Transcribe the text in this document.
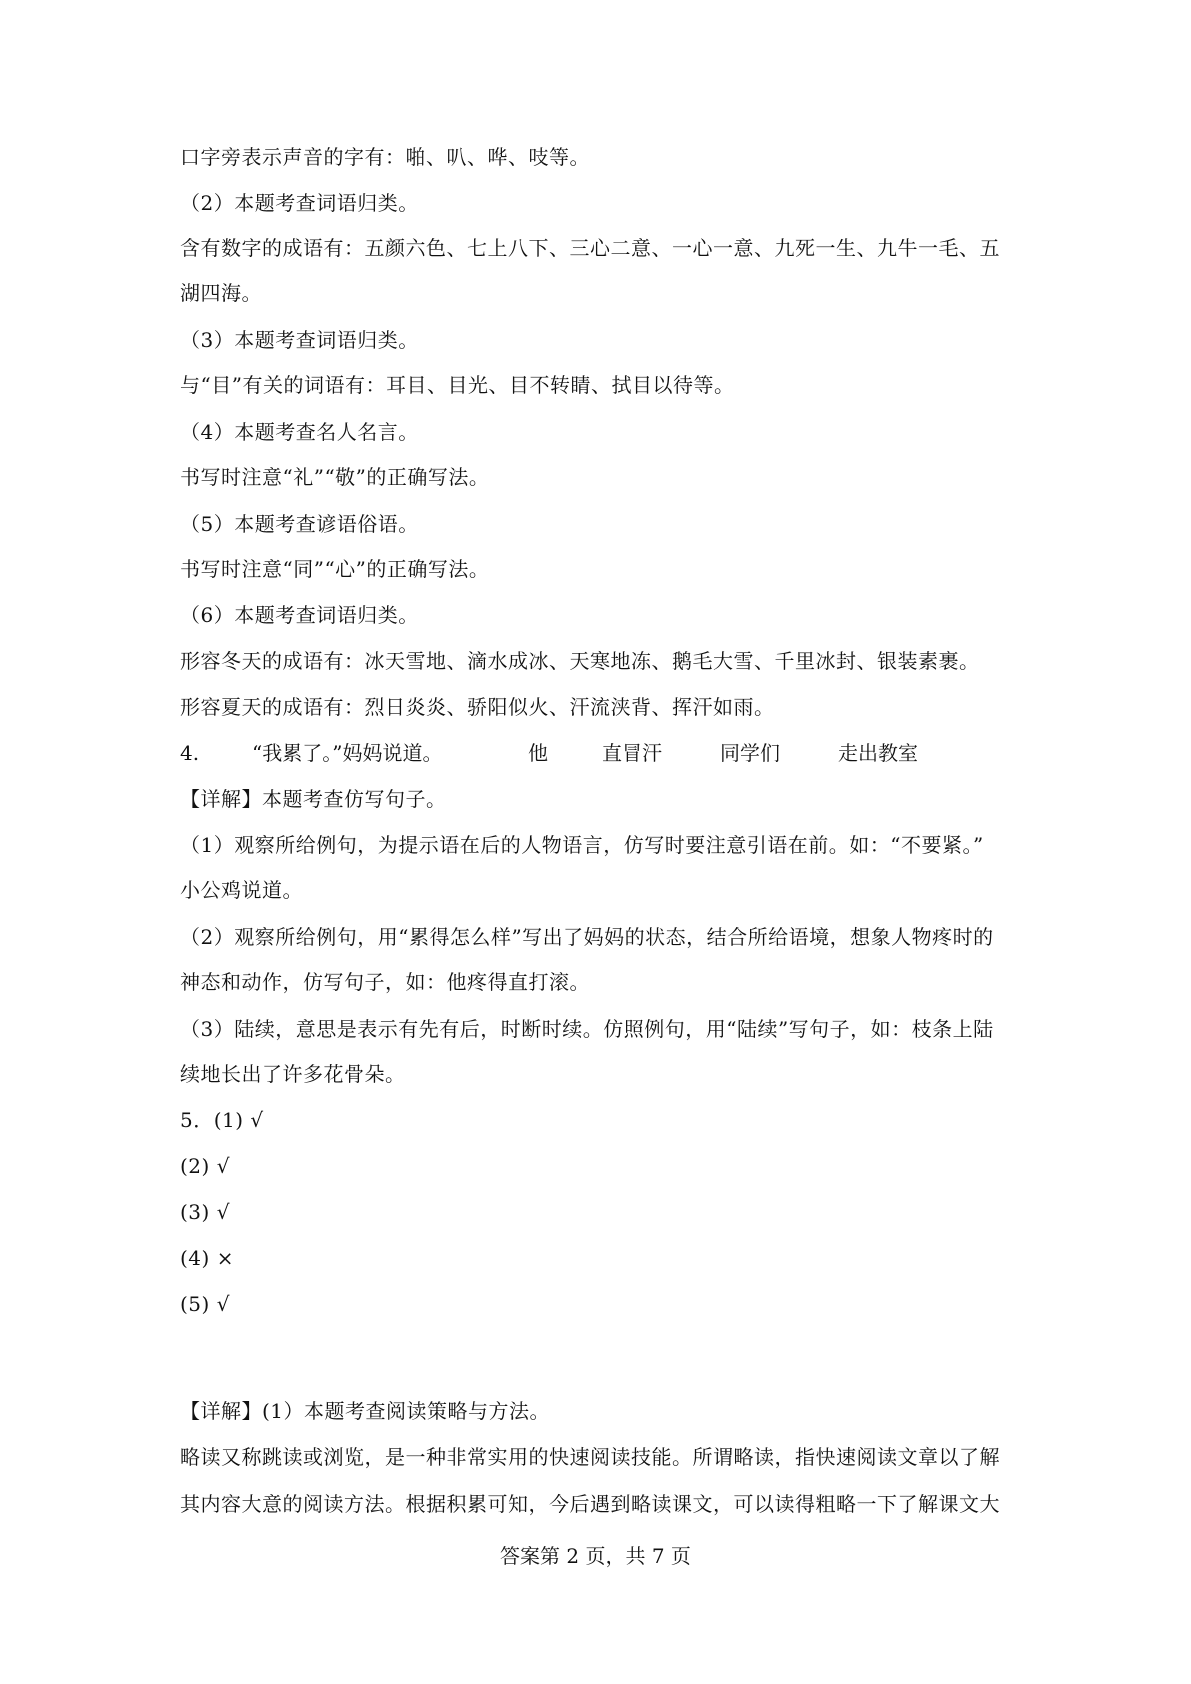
口字旁表示声音的字有：啪、叭、哗、吱等。
（2）本题考查词语归类。
含有数字的成语有：五颜六色、七上八下、三心二意、一心一意、九死一生、九牛一毛、五
湖四海。
（3）本题考查词语归类。
与“目”有关的词语有：耳目、目光、目不转睛、拭目以待等。
（4）本题考查名人名言。
书写时注意“礼”“敬”的正确写法。
（5）本题考查谚语俗语。
书写时注意“同”“心”的正确写法。
（6）本题考查词语归类。
形容冬天的成语有：冰天雪地、滴水成冰、天寒地冻、鹅毛大雪、千里冰封、银装素裹。
形容夏天的成语有：烈日炎炎、骄阳似火、汗流浃背、挥汗如雨。
4.	“我累了。”妈妈说道。	他	直冒汗	同学们	走出教室
【详解】本题考查仿写句子。
（1）观察所给例句，为提示语在后的人物语言，仿写时要注意引语在前。如：“不要紧。”
小公鸡说道。
（2）观察所给例句，用“累得怎么样”写出了妈妈的状态，结合所给语境，想象人物疼时的
神态和动作，仿写句子，如：他疼得直打滚。
（3）陆续，意思是表示有先有后，时断时续。仿照例句，用“陆续”写句子，如：枝条上陆
续地长出了许多花骨朵。
5．(1) √
(2) √
(3) √
(4) ×
(5) √
【详解】(1）本题考查阅读策略与方法。
略读又称跳读或浏览，是一种非常实用的快速阅读技能。所谓略读，指快速阅读文章以了解
其内容大意的阅读方法。根据积累可知，今后遇到略读课文，可以读得粗略一下了解课文大
答案第 2 页，共 7 页
